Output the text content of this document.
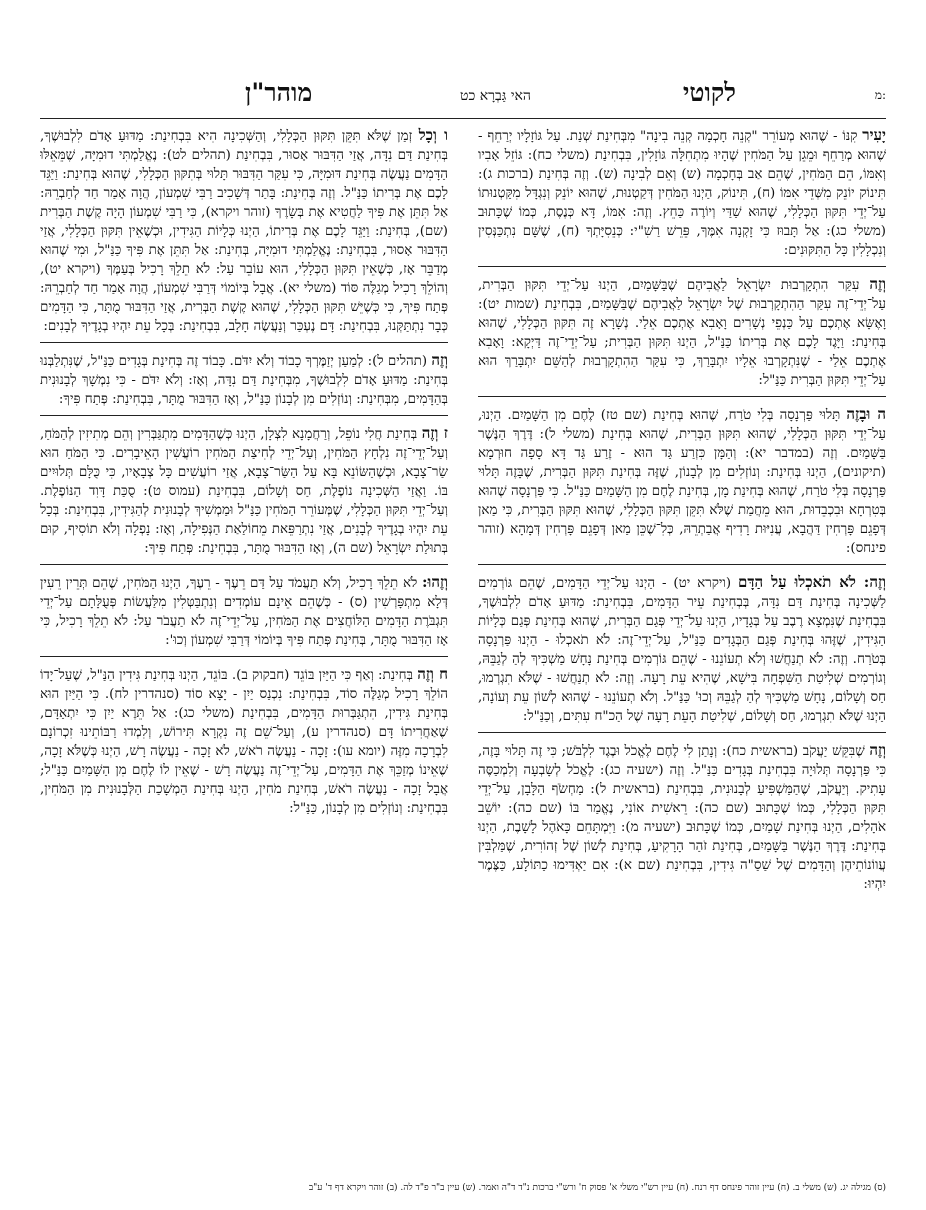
מוהר"ן	האי גַּבְרָא כט	לקוטי	מ:

יָעִיר קִנּוֹ - שֶׁהוּא מְעוֹרֵר "קְנֵה חָכְמָה קְנֵה בִינָה" מִבְּחִינַת שְׁנַת. עַל גּוֹזָלָיו יְרַחֵף - שֶׁהוּא מְרַחֵף וּמֵגֵן עַל הַמֹּחִין שֶׁהָיוּ מִתְחִלָּה גּוֹזָלִין, בִּבְחִינַת (משלי כח): גּוֹזֵל אָבִיו וְאִמּוֹ, הֵם הַמֹּחִין, שֶׁהֵם אַב בְּחָכְמָה (ש) וְאֵם לְבִינָה (ש). וְזֶה בְּחִינַת (ברכות ג): תִּינוֹק יוֹנֵק מִשְּׁדֵי אִמּוֹ (ח), תִּינוֹק, הַיְנוּ הַמֹּחִין דְּקַטְנוּת, שֶׁהוּא יוֹנֵק וְנִגְדָּל מִקַּטְנוּתוֹ עַל־יְדֵי תִּקּוּן הַכְּלָלִי, שֶׁהוּא שַׁדַּי וְיוֹרֶה כַּחֵץ. וְזֶה: אִמּוֹ, דָּא כְּנֶסֶת, כְּמוֹ שֶׁכָּתוּב (משלי כג): אַל תָּבוּז כִּי זָקְנָה אִמֶּךָ, פֵּרֵשׁ רַשִׁ"י: כְּנֵסִיָּתְךָ (ח), שֶׁשָּׁם נִתְכַּנְּסִין וְנִכְלָלִין כָּל הַתִּקּוּנִים:

וְזֶה עִקַּר הִתְקָרְבוּת יִשְׂרָאֵל לַאֲבִיהֶם שֶׁבַּשָּׁמַיִם, הַיְנוּ עַל־יְדֵי תִּקּוּן הַבְּרִית, עַל־יְדֵי־זֶה עִקַּר הַהִתְקָרְבוּת שֶׁל יִשְׂרָאֵל לַאֲבִיהֶם שֶׁבַּשָּׁמַיִם, בִּבְחִינַת (שמות יט): וָאֶשָּׂא אֶתְכֶם עַל כַּנְפֵי נְשָׁרִים וָאָבִא אֶתְכֶם אֵלַי. נְשָׁרָא זֶה תִּקּוּן הַכְּלָלִי, שֶׁהוּא בְּחִינַת: וַיָּגֶד לָכֶם אֶת בְּרִיתוֹ כַּנַּ"ל, הַיְנוּ תִּקּוּן הַבְּרִית; עַל־יְדֵי־זֶה דַּיְקָא: וָאָבִא אֶתְכֶם אֵלַי - שֶׁנִּתְקָרְבוּ אֵלָיו יִתְבָּרַךְ, כִּי עִקַּר הַהִתְקָרְבוּת לְהַשֵּׁם יִתְבָּרַךְ הוּא עַל־יְדֵי תִּקּוּן הַבְּרִית כַּנַּ"ל:

ה וּבָזֶה תָּלוּי פַּרְנָסָה בְּלִי טֹרַח, שֶׁהוּא בְּחִינַת (שם טז) לֶחֶם מִן הַשָּׁמַיִם. הַיְנוּ, עַל־יְדֵי תִּקּוּן הַכְּלָלִי, שֶׁהוּא תִּקּוּן הַבְּרִית, שֶׁהוּא בְּחִינַת (משלי ל): דֶּרֶךְ הַנֶּשֶׁר בַּשָּׁמַיִם. וְזֶה (במדבר יא): וְהַמָּן כִּזְרַע גַּד הוּא - זֶרַע גַּד דָּא סָפָה חוּרְמָא (תיקונים), הַיְנוּ בְּחִינַת: וְנוֹזְלִים מִן לְבָנוֹן, שֶׁזֶּה בְּחִינַת תִּקּוּן הַבְּרִית, שֶׁבָּזֶה תָּלוּי פַּרְנָסָה בְּלִי טֹרַח, שֶׁהוּא בְּחִינַת מָן, בְּחִינַת לֶחֶם מִן הַשָּׁמַיִם כַּנַּ"ל. כִּי פַּרְנָסָה שֶׁהוּא בְּטִרְחָא וּבִכְבֵדוּת, הוּא מֵחֲמַת שֶׁלֹּא תִּקֵּן תִּקּוּן הַכְּלָלִי, שֶׁהוּא תִּקּוּן הַבְּרִית, כִּי מַאן דְּפָגֵם פָּרְחִין דַּהֲבָא, עֲנִיּוּת רָדִיף אֲבַתְרֵהּ, כְּלִ־שֶׁכֵּן מַאן דְּפָגֵם פָּרְחִין דְּמָהָא (זוהר פינחס):

וְזֶה: לֹא תֹאכְלוּ עַל הַדָּם (ויקרא יט) - הַיְנוּ עַל־יְדֵי הַדָּמִים, שֶׁהֵם גּוֹרְמִים לַשְּׁכִינָה בְּחִינַת דַּם נִדָּה, בְּבְחִינַת עֵיר הַדָּמִים, בִּבְחִינַת: מַדּוּעַ אָדֹם לִלְבוּשֶׁךָ, בִּבְחִינַת שֶׁנִּמְצָא רֶבֶב עַל בְּגָדָיו, הַיְנוּ עַל־יְדֵי פְּגַם הַבְּרִית, שֶׁהוּא בְּחִינַת פְּגַם כְּלָיוֹת הַגִּידִין, שֶׁזֶּהוּ בְּחִינַת פְּגַם הַבְּגָדִים כַּנַּ"ל, עַל־יְדֵי־זֶה: לֹא תֹאכְלוּ - הַיְנוּ פַּרְנָסָה בְּטֹרַח. וְזֶה: לֹא תְנַחֲשׁוּ וְלֹא תְעוֹנֵנוּ - שֶׁהֵם גּוֹרְמִים בְּחִינַת נָחָשׁ מַשְׁכִּיךְ לְהַ לְגַבֵּהּ, וְגוֹרְמִים שְׁלִיטַת הַשִּׁפְחָה בִּישָׁא, שֶׁהִיא עֵת רָעָה. וְזֶה: לֹא תְנַחֲשׁוּ - שֶׁלֹּא תִגְרְמוּ, חַס וְשָׁלוֹם, נָחָשׁ מַשְׁכִּיךְ לְהַ לְגַבֵּהּ וְכוּ' כַּנַּ"ל. וְלֹא תְעוֹנֵנוּ - שֶׁהוּא לְשׁוֹן עֵת וְעוֹנָה, הַיְנוּ שֶׁלֹּא תִגְרְמוּ, חַס וְשָׁלוֹם, שְׁלִיטַת הָעֵת רָעָה שֶׁל הַכ"ח עִתִּים, וְכַנַּ"ל:

וְזֶה שֶׁבִּקֵּשׁ יַעֲקֹב (בראשית כח): וְנָתַן לִי לֶחֶם לֶאֱכֹל וּבֶגֶד לִלְבֹּשׁ; כִּי זֶה תָּלוּי בָּזֶה, כִּי פַּרְנָסָה תְּלוּיָה בִּבְחִינַת בְּגָדִים כַּנַּ"ל. וְזֶה (ישעיה כג): לֶאֱכֹל לְשָׂבְעָה וְלִמְכַסֶּה עָתִיק. וְיַעֲקֹב, שֶׁהַמַּשְׁפִּיעַ לְבָנוּנִית, בִּבְחִינַת (בראשית ל): מַחְשֹׂף הַלָּבָן, עַל־יְדֵי תִּקּוּן הַכְּלָלִי, כְּמוֹ שֶׁכָּתוּב (שם כה): רֵאשִׁית אוֹנִי, נֶאֱמַר בּוֹ (שם כה): יוֹשֵׁב אֹהָלִים, הַיְנוּ בְּחִינַת שָׁמַיִם, כְּמוֹ שֶׁכָּתוּב (ישעיה מ): וַיִּמְתָּחֵם כָּאֹהֶל לָשָׁבֶת, הַיְנוּ בְּחִינַת: דֶּרֶךְ הַנֶּשֶׁר בַּשָּׁמַיִם, בְּחִינַת זֹהַר הָרָקִיעַ, בְּחִינַת לְשׁוֹן שֶׁל זְהוֹרִית, שֶׁמַּלְבִּין עֲווֹנוֹתֵיהֶן וְהַדָּמִים שֶׁל שַׁסַ"ה גִּידִין, בִּבְחִינַת (שם א): אִם יַאְדִּימוּ כַתּוֹלָע, כַּצֶּמֶר יִהְיוּ:

ו וְכָל זְמַן שֶׁלֹּא תִּקֵּן תִּקּוּן הַכְּלָלִי, וְהַשְּׁכִינָה הִיא בִּבְחִינַת: מַדּוּעַ אָדֹם לִלְבוּשֶׁךָ, בְּחִינַת דַּם נִדָּה, אֲזַי הַדִּבּוּר אָסוּר, בִּבְחִינַת (תהלים לט): נֶאֱלַמְתִּי דוּמִיָּה, שֶׁמֵּאֵלּוּ הַדָּמִים נַעֲשֶׂה בְּחִינַת דּוּמִיָּה, כִּי עִקַּר הַדִּבּוּר תָּלוּי בְּתִקּוּן הַכְּלָלִי, שֶׁהוּא בְּחִינַת: וַיַּגֵּד לָכֶם אֶת בְּרִיתוֹ כַּנַּ"ל. וְזֶה בְּחִינַת: בָּתַר דְּשָׁכִיב רַבִּי שִׁמְעוֹן, הֲוָה אָמַר חַד לְחַבְרֵהּ: אַל תִּתֵּן אֶת פִּיךָ לַחֲטִיא אֶת בְּשָׂרֶךָ (זוהר ויקרא), כִּי רַבִּי שִׁמְעוֹן הָיָה קֶשֶׁת הַבְּרִית (שם), בְּחִינַת: וַיַּגֵּד לָכֶם אֶת בְּרִיתוֹ, הַיְנוּ כְּלָיוֹת הַגִּידִין, וּכְשֶׁאֵין תִּקּוּן הַכְּלָלִי, אֲזַי הַדִּבּוּר אָסוּר, בִּבְחִינַת: נֶאֱלַמְתִּי דוּמִיָּה, בְּחִינַת: אַל תִּתֵּן אֶת פִּיךָ כַּנַּ"ל, וּמִי שֶׁהוּא מְדַבֵּר אָז, כְּשֶׁאֵין תִּקּוּן הַכְּלָלִי, הוּא עוֹבֵר עַל: לֹא תֵלֵךְ רָכִיל בְּעַמֶּךָ (ויקרא יט), וְהוֹלֵךְ רָכִיל מְגַלֶּה סּוֹד (משלי יא). אֲבָל בְּיוֹמוֹי דְּרַבִּי שִׁמְעוֹן, הֲוָה אָמַר חַד לְחַבְרֵהּ: פְּתַח פִּיךָ, כִּי כְּשֶׁיֵּשׁ תִּקּוּן הַכְּלָלִי, שֶׁהוּא קֶשֶׁת הַבְּרִית, אֲזַי הַדִּבּוּר מֻתָּר, כִּי הַדָּמִים כְּבָר נִתְתַּקְּנוּ, בִּבְחִינַת: דָּם נֶעְכַּר וְנַעֲשֶׂה חָלָב, בִּבְחִינַת: בְּכָל עֵת יִהְיוּ בְגָדֶיךָ לְבָנִים:

וְזֶה (תהלים ל): לְמַעַן יְזַמֶּרְךָ כָבוֹד וְלֹא יִדֹּם. כָּבוֹד זֶה בְּחִינַת בְּגָדִים כַּנַּ"ל, שֶׁנִּתְלַבְּנוּ בְּחִינַת: מַדּוּעַ אָדֹם לִלְבוּשֶׁךָ, מִבְּחִינַת דַּם נִדָּה, וְאָז: וְלֹא יִדֹּם - כִּי נִמְשָׁךְ לְבָנוּנִית בְּהַדָּמִים, מִבְּחִינַת: וְנוֹזְלִים מִן לְבָנוֹן כַּנַּ"ל, וְאָז הַדִּבּוּר מֻתָּר, בִּבְחִינַת: פְּתַח פִּיךָ:

ז וְזֶה בְּחִינַת חֲלִי נוֹפֵל, וְרַחֲמָנָא לִצְלָן, הַיְנוּ כְּשֶׁהַדָּמִים מִתְגַּבְּרִין וְהֵם מְתִיזִין לְהַמֹּחַ, וְעַל־יְדֵי־זֶה נִלְחָץ הַמֹּחִין, וְעַל־יְדֵי לְחִיצַת הַמֹּחִין רוֹעֲשִׁין הָאֵיבָרִים. כִּי הַמֹּחַ הוּא שַׂר־צָבָא, וּכְשֶׁהַשּׂוֹנֵא בָּא עַל הַשַּׂר־צָבָא, אֲזַי רוֹעֲשִׁים כָּל צְבָאָיו, כִּי כֻּלָּם תְּלוּיִים בּוֹ. וַאֲזַי הַשְּׁכִינָה נוֹפֶלֶת, חַס וְשָׁלוֹם, בִּבְחִינַת (עמוס ט): סֻכַּת דָּוִד הַנּוֹפֶלֶת. וְעַל־יְדֵי תִּקּוּן הַכְּלָלִי, שֶׁמְּעוֹרֵר הַמֹּחִין כַּנַּ"ל וּמַמְשִׁיךְ לְבָנוּנִית לְהַגִּידִין, בִּבְחִינַת: בְּכָל עֵת יִהְיוּ בְגָדֶיךָ לְבָנִים, אֲזַי נִתְרַפֵּאת מֵחוֹלַאַת הַנְּפִילָה, וְאָז: נָפְלָה וְלֹא תוֹסִיף, קוּם בְּתוּלַת יִשְׂרָאֵל (שם ה), וְאָז הַדִּבּוּר מֻתָּר, בִּבְחִינַת: פְּתַח פִּיךָ:

וְזֶהוּ: לֹא תֵלֵךְ רָכִיל, וְלֹא תַעֲמֹד עַל דַּם רֵעֶךָ - רֵעֶךָ, הַיְנוּ הַמֹּחִין, שֶׁהֵם תְּרֵין רֵעִין דְּלָא מִתְפָּרְשִׁין (ס) - כְּשֶׁהֵם אֵינָם עוֹמְדִים וְנִתְבַּטְּלִין מִלַּעֲשׂוֹת פְּעֻלָּתָם עַל־יְדֵי תִּגְבֹּרֶת הַדָּמִים הַלּוֹחֲצִים אֶת הַמֹּחִין, עַל־יְדֵי־זֶה לֹא תַעֲבֹר עַל: לֹא תֵלֵךְ רָכִיל, כִּי אָז הַדִּבּוּר מֻתָּר, בְּחִינַת פְּתַח פִּיךָ בְּיוֹמוֹי דְּרַבִּי שִׁמְעוֹן וְכוּ':

ח וְזֶה בְּחִינַת: וְאַף כִּי הַיַּיִן בּוֹגֵד (חבקוק ב). בּוֹגֵד, הַיְנוּ בְּחִינַת גִּידִין הַנַּ"ל, שֶׁעַל־יָדוֹ הוֹלֵךְ רָכִיל מְגַלֶּה סוֹד, בִּבְחִינַת: נִכְנַס יַיִן - יָצָא סוֹד (סנהדרין לח). כִּי הַיַּיִן הוּא בְּחִינַת גִּידִין, הִתְגַּבְּרוּת הַדָּמִים, בִּבְחִינַת (משלי כג): אַל תֵּרֶא יַיִן כִּי יִתְאַדָּם, שֶׁאַחֲרִיתוֹ דָּם (סנהדרין ע), וְעַל־שֵׁם זֶה נִקְרָא תִּירוֹשׁ, וְלִמְדוּ רַבּוֹתֵינוּ זִכְרוֹנָם לִבְרָכָה מִזֶּה (יומא עו): זָכָה - נַעֲשֶׂה רֹאשׁ, לֹא זָכָה - נַעֲשֶׂה רָשׁ, הַיְנוּ כְּשֶׁלֹּא זָכָה, שֶׁאֵינוֹ מְזַכֵּךְ אֶת הַדָּמִים, עַל־יְדֵי־זֶה נַעֲשֶׂה רָשׁ - שֶׁאֵין לוֹ לֶחֶם מִן הַשָּׁמַיִם כַּנַּ"ל; אֲבָל זָכָה - נַעֲשֶׂה רֹאשׁ, בְּחִינַת מֹחִין, הַיְנוּ בְּחִינַת הַמְשָׁכַת הַלְּבָנוּנִית מִן הַמֹּחִין, בִּבְחִינַת: וְנוֹזְלִים מִן לְבָנוֹן, כַּנַּ"ל:

(ס) מגילה יג. (ש) משלי ב. (ח) עיין זוהר פינחס דף רנח. (ח) עיין רש"י משלי א' פסוק ח' ורש"י ברכות נ"ד ד"ה ואמר. (ש) עיין ב"ר פ"ד לה. (ב) זוהר ויקרא דף ד' ע"ב
